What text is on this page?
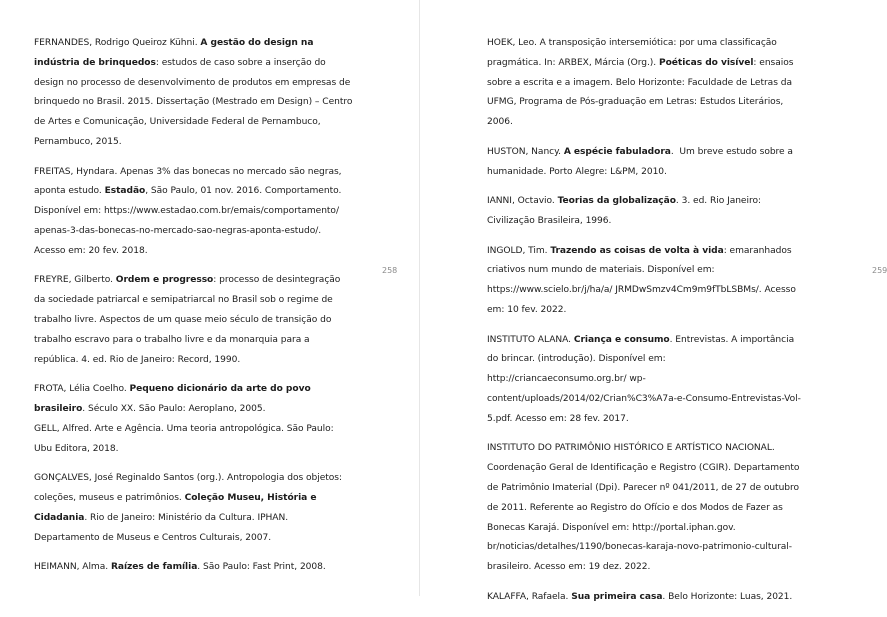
FERNANDES, Rodrigo Queiroz Kühni. A gestão do design na indústria de brinquedos: estudos de caso sobre a inserção do design no processo de desenvolvimento de produtos em empresas de brinquedo no Brasil. 2015. Dissertação (Mestrado em Design) – Centro de Artes e Comunicação, Universidade Federal de Pernambuco, Pernambuco, 2015.

FREITAS, Hyndara. Apenas 3% das bonecas no mercado são negras, aponta estudo. Estadão, São Paulo, 01 nov. 2016. Comportamento. Disponível em: https://www.estadao.com.br/emais/comportamento/ apenas-3-das-bonecas-no-mercado-sao-negras-aponta-estudo/. Acesso em: 20 fev. 2018.

FREYRE, Gilberto. Ordem e progresso: processo de desintegração da sociedade patriarcal e semipatriarcal no Brasil sob o regime de trabalho livre. Aspectos de um quase meio século de transição do trabalho escravo para o trabalho livre e da monarquia para a república. 4. ed. Rio de Janeiro: Record, 1990.

FROTA, Lélia Coelho. Pequeno dicionário da arte do povo brasileiro. Século XX. São Paulo: Aeroplano, 2005.

GELL, Alfred. Arte e Agência. Uma teoria antropológica. São Paulo: Ubu Editora, 2018.

GONÇALVES, José Reginaldo Santos (org.). Antropologia dos objetos: coleções, museus e patrimônios. Coleção Museu, História e Cidadania. Rio de Janeiro: Ministério da Cultura. IPHAN. Departamento de Museus e Centros Culturais, 2007.

HEIMANN, Alma. Raízes de família. São Paulo: Fast Print, 2008.

258

HOEK, Leo. A transposição intersemiótica: por uma classificação pragmática. In: ARBEX, Márcia (Org.). Poéticas do visível: ensaios sobre a escrita e a imagem. Belo Horizonte: Faculdade de Letras da UFMG, Programa de Pós-graduação em Letras: Estudos Literários, 2006.

HUSTON, Nancy. A espécie fabuladora.  Um breve estudo sobre a humanidade. Porto Alegre: L&PM, 2010.

IANNI, Octavio. Teorias da globalização. 3. ed. Rio Janeiro: Civilização Brasileira, 1996.

INGOLD, Tim. Trazendo as coisas de volta à vida: emaranhados criativos num mundo de materiais. Disponível em: https://www.scielo.br/j/ha/a/ JRMDwSmzv4Cm9m9fTbLSBMs/. Acesso em: 10 fev. 2022.

INSTITUTO ALANA. Criança e consumo. Entrevistas. A importância do brincar. (introdução). Disponível em: http://criancaeconsumo.org.br/ wp-content/uploads/2014/02/Crian%C3%A7a-e-Consumo-Entrevistas-Vol-5.pdf. Acesso em: 28 fev. 2017.

INSTITUTO DO PATRIMÔNIO HISTÓRICO E ARTÍSTICO NACIONAL. Coordenação Geral de Identificação e Registro (CGIR). Departamento de Patrimônio Imaterial (Dpi). Parecer nº 041/2011, de 27 de outubro de 2011. Referente ao Registro do Ofício e dos Modos de Fazer as Bonecas Karajá. Disponível em: http://portal.iphan.gov. br/noticias/detalhes/1190/bonecas-karaja-novo-patrimonio-cultural-brasileiro. Acesso em: 19 dez. 2022.

KALAFFA, Rafaela. Sua primeira casa. Belo Horizonte: Luas, 2021.

259
